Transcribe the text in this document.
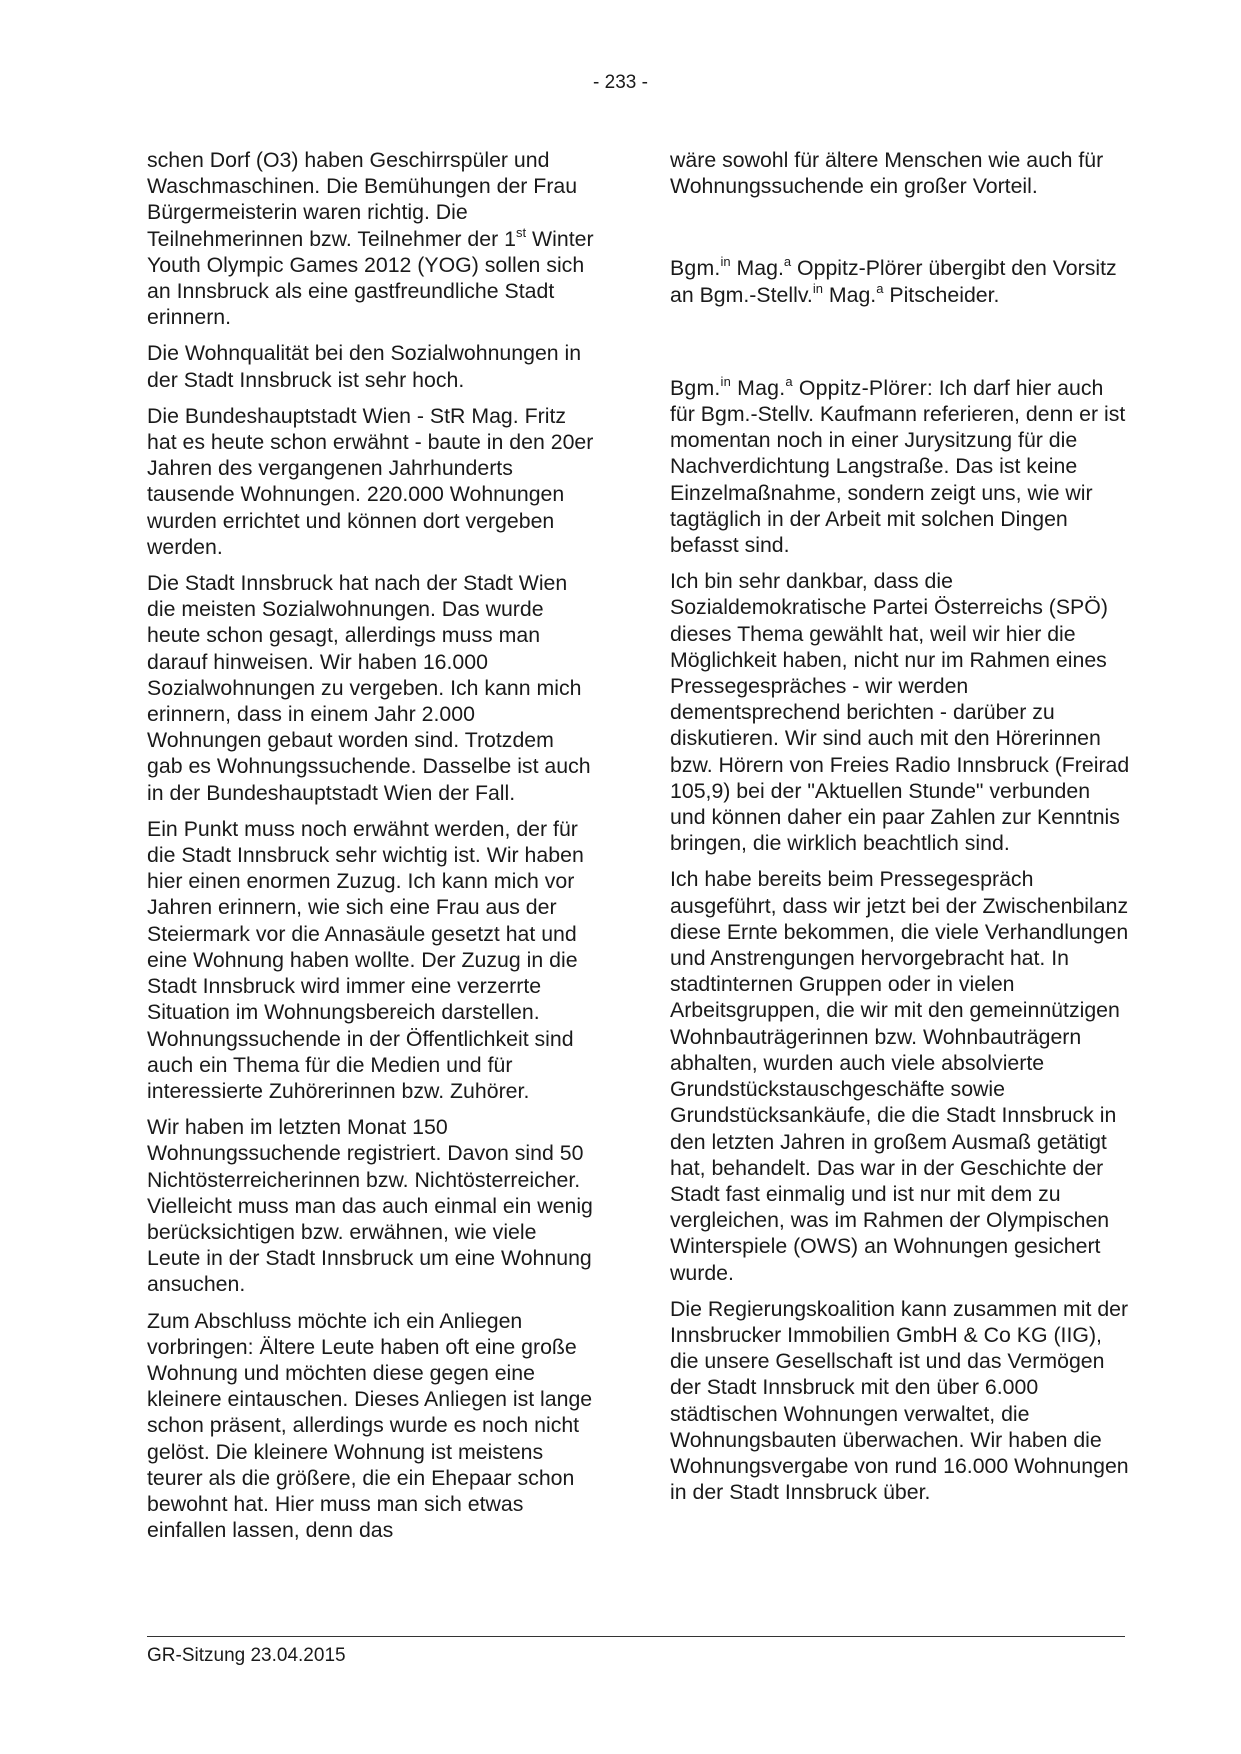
- 233 -

schen Dorf (O3) haben Geschirrspüler und Waschmaschinen. Die Bemühungen der Frau Bürgermeisterin waren richtig. Die Teilnehmerinnen bzw. Teilnehmer der 1st Winter Youth Olympic Games 2012 (YOG) sollen sich an Innsbruck als eine gastfreundliche Stadt erinnern.

Die Wohnqualität bei den Sozialwohnungen in der Stadt Innsbruck ist sehr hoch.

Die Bundeshauptstadt Wien - StR Mag. Fritz hat es heute schon erwähnt - baute in den 20er Jahren des vergangenen Jahrhunderts tausende Wohnungen. 220.000 Wohnungen wurden errichtet und können dort vergeben werden.

Die Stadt Innsbruck hat nach der Stadt Wien die meisten Sozialwohnungen. Das wurde heute schon gesagt, allerdings muss man darauf hinweisen. Wir haben 16.000 Sozialwohnungen zu vergeben. Ich kann mich erinnern, dass in einem Jahr 2.000 Wohnungen gebaut worden sind. Trotzdem gab es Wohnungssuchende. Dasselbe ist auch in der Bundeshauptstadt Wien der Fall.

Ein Punkt muss noch erwähnt werden, der für die Stadt Innsbruck sehr wichtig ist. Wir haben hier einen enormen Zuzug. Ich kann mich vor Jahren erinnern, wie sich eine Frau aus der Steiermark vor die Annasäule gesetzt hat und eine Wohnung haben wollte. Der Zuzug in die Stadt Innsbruck wird immer eine verzerrte Situation im Wohnungsbereich darstellen. Wohnungssuchende in der Öffentlichkeit sind auch ein Thema für die Medien und für interessierte Zuhörerinnen bzw. Zuhörer.

Wir haben im letzten Monat 150 Wohnungssuchende registriert. Davon sind 50 Nichtösterreicherinnen bzw. Nichtösterreicher. Vielleicht muss man das auch einmal ein wenig berücksichtigen bzw. erwähnen, wie viele Leute in der Stadt Innsbruck um eine Wohnung ansuchen.

Zum Abschluss möchte ich ein Anliegen vorbringen: Ältere Leute haben oft eine große Wohnung und möchten diese gegen eine kleinere eintauschen. Dieses Anliegen ist lange schon präsent, allerdings wurde es noch nicht gelöst. Die kleinere Wohnung ist meistens teurer als die größere, die ein Ehepaar schon bewohnt hat. Hier muss man sich etwas einfallen lassen, denn das

wäre sowohl für ältere Menschen wie auch für Wohnungssuchende ein großer Vorteil.

Bgm.$^{in}$ Mag.$^a$ Oppitz-Plörer übergibt den Vorsitz an Bgm.-Stellv.$^{in}$ Mag.$^a$ Pitscheider.

Bgm.$^{in}$ Mag.$^a$ Oppitz-Plörer: Ich darf hier auch für Bgm.-Stellv. Kaufmann referieren, denn er ist momentan noch in einer Jurysitzung für die Nachverdichtung Langstraße. Das ist keine Einzelmaßnahme, sondern zeigt uns, wie wir tagtäglich in der Arbeit mit solchen Dingen befasst sind.

Ich bin sehr dankbar, dass die Sozialdemokratische Partei Österreichs (SPÖ) dieses Thema gewählt hat, weil wir hier die Möglichkeit haben, nicht nur im Rahmen eines Pressegespräches - wir werden dementsprechend berichten - darüber zu diskutieren. Wir sind auch mit den Hörerinnen bzw. Hörern von Freies Radio Innsbruck (Freirad 105,9) bei der "Aktuellen Stunde" verbunden und können daher ein paar Zahlen zur Kenntnis bringen, die wirklich beachtlich sind.

Ich habe bereits beim Pressegespräch ausgeführt, dass wir jetzt bei der Zwischenbilanz diese Ernte bekommen, die viele Verhandlungen und Anstrengungen hervorgebracht hat. In stadtinternen Gruppen oder in vielen Arbeitsgruppen, die wir mit den gemeinnützigen Wohnbauträgerinnen bzw. Wohnbauträgern abhalten, wurden auch viele absolvierte Grundstückstauschgeschäfte sowie Grundstücksankäufe, die die Stadt Innsbruck in den letzten Jahren in großem Ausmaß getätigt hat, behandelt. Das war in der Geschichte der Stadt fast einmalig und ist nur mit dem zu vergleichen, was im Rahmen der Olympischen Winterspiele (OWS) an Wohnungen gesichert wurde.

Die Regierungskoalition kann zusammen mit der Innsbrucker Immobilien GmbH & Co KG (IIG), die unsere Gesellschaft ist und das Vermögen der Stadt Innsbruck mit den über 6.000 städtischen Wohnungen verwaltet, die Wohnungsbauten überwachen. Wir haben die Wohnungsvergabe von rund 16.000 Wohnungen in der Stadt Innsbruck über.

GR-Sitzung 23.04.2015
